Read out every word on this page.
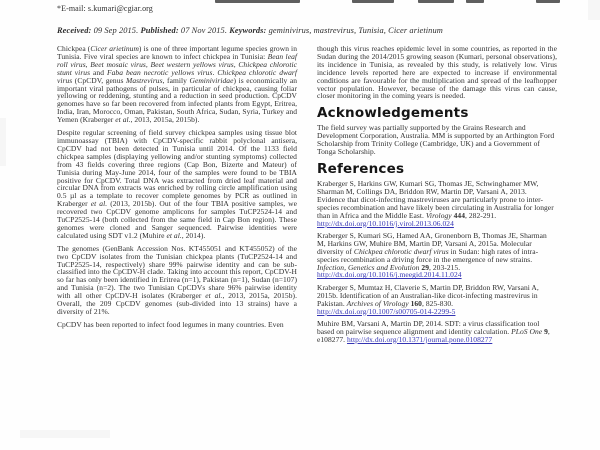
*E-mail: s.kumari@cgiar.org
Received: 09 Sep 2015. Published: 07 Nov 2015. Keywords: geminivirus, mastrevirus, Tunisia, Cicer arietinum

Chickpea (Cicer arietinum) is one of three important legume species grown in Tunisia. Five viral species are known to infect chickpea in Tunisia: Bean leaf roll virus, Beet mosaic virus, Beet western yellows virus, Chickpea chlorotic stunt virus and Faba bean necrotic yellows virus. Chickpea chlorotic dwarf virus (CpCDV, genus Mastrevirus, family Geminiviridae) is economically an important viral pathogens of pulses, in particular of chickpea, causing foliar yellowing or reddening, stunting and a reduction in seed production. CpCDV genomes have so far been recovered from infected plants from Egypt, Eritrea, India, Iran, Morocco, Oman, Pakistan, South Africa, Sudan, Syria, Turkey and Yemen (Kraberger et al., 2013, 2015a, 2015b).

Despite regular screening of field survey chickpea samples using tissue blot immunoassay (TBIA) with CpCDV-specific rabbit polyclonal antisera, CpCDV had not been detected in Tunisia until 2014. Of the 1133 field chickpea samples (displaying yellowing and/or stunting symptoms) collected from 43 fields covering three regions (Cap Bon, Bizerte and Mateur) of Tunisia during May-June 2014, four of the samples were found to be TBIA positive for CpCDV. Total DNA was extracted from dried leaf material and circular DNA from extracts was enriched by rolling circle amplification using 0.5 µl as a template to recover complete genomes by PCR as outlined in Kraberger et al. (2013, 2015b). Out of the four TBIA positive samples, we recovered two CpCDV genome amplicons for samples TuCP2524-14 and TuCP2525-14 (both collected from the same field in Cap Bon region). These genomes were cloned and Sanger sequenced. Pairwise identities were calculated using SDT v1.2 (Muhire et al., 2014).

The genomes (GenBank Accession Nos. KT455051 and KT455052) of the two CpCDV isolates from the Tunisian chickpea plants (TuCP2524-14 and TuCP2525-14, respectively) share 99% pairwise identity and can be sub-classified into the CpCDV-H clade. Taking into account this report, CpCDV-H so far has only been identified in Eritrea (n=1), Pakistan (n=1), Sudan (n=107) and Tunisia (n=2). The two Tunisian CpCDVs share 96% pairwise identity with all other CpCDV-H isolates (Kraberger et al., 2013, 2015a, 2015b). Overall, the 209 CpCDV genomes (sub-divided into 13 strains) have a diversity of 21%.

CpCDV has been reported to infect food legumes in many countries. Even

though this virus reaches epidemic level in some countries, as reported in the Sudan during the 2014/2015 growing season (Kumari, personal observations), its incidence in Tunisia, as revealed by this study, is relatively low. Virus incidence levels reported here are expected to increase if environmental conditions are favourable for the multiplication and spread of the leafhopper vector population. However, because of the damage this virus can cause, closer monitoring in the coming years is needed.

Acknowledgements

The field survey was partially supported by the Grains Research and Development Corporation, Australia. MM is supported by an Arthington Ford Scholarship from Trinity College (Cambridge, UK) and a Government of Tonga Scholarship.

References
Kraberger S, Harkins GW, Kumari SG, Thomas JE, Schwinghamer MW, Sharman M, Collings DA, Briddon RW, Martin DP, Varsani A, 2013. Evidence that dicot-infecting mastreviruses are particularly prone to inter-species recombination and have likely been circulating in Australia for longer than in Africa and the Middle East. Virology 444, 282-291.
http://dx.doi.org/10.1016/j.virol.2013.06.024
Kraberger S, Kumari SG, Hamed AA, Gronenborn B, Thomas JE, Sharman M, Harkins GW, Muhire BM, Martin DP, Varsani A, 2015a. Molecular diversity of Chickpea chlorotic dwarf virus in Sudan: high rates of intra-species recombination a driving force in the emergence of new strains. Infection, Genetics and Evolution 29, 203-215.
http://dx.doi.org/10.1016/j.meegid.2014.11.024
Kraberger S, Mumtaz H, Claverie S, Martin DP, Briddon RW, Varsani A, 2015b. Identification of an Australian-like dicot-infecting mastrevirus in Pakistan. Archives of Virology 160, 825-830.
http://dx.doi.org/10.1007/s00705-014-2299-5
Muhire BM, Varsani A, Martin DP, 2014. SDT: a virus classification tool based on pairwise sequence alignment and identity calculation. PLoS One 9, e108277. http://dx.doi.org/10.1371/journal.pone.0108277
